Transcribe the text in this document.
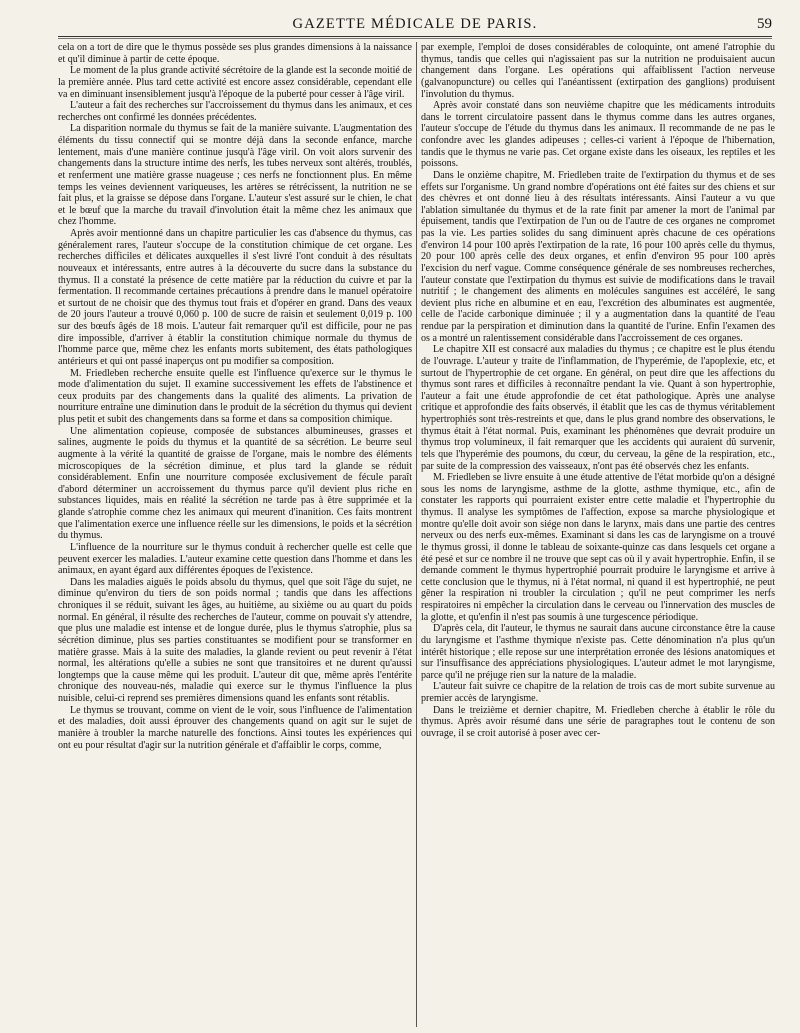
GAZETTE MÉDICALE DE PARIS.	59

cela on a tort de dire que le thymus possède ses plus grandes dimensions à la naissance et qu'il diminue à partir de cette époque.

Le moment de la plus grande activité sécrétoire de la glande est la seconde moitié de la première année. Plus tard cette activité est encore assez considérable, cependant elle va en diminuant insensiblement jusqu'à l'époque de la puberté pour cesser à l'âge viril.

L'auteur a fait des recherches sur l'accroissement du thymus dans les animaux, et ces recherches ont confirmé les données précédentes.

La disparition normale du thymus se fait de la manière suivante. L'augmentation des éléments du tissu connectif qui se montre déjà dans la seconde enfance, marche lentement, mais d'une manière continue jusqu'à l'âge viril. On voit alors survenir des changements dans la structure intime des nerfs, les tubes nerveux sont altérés, troublés, et renferment une matière grasse nuageuse ; ces nerfs ne fonctionnent plus. En même temps les veines deviennent variqueuses, les artères se rétrécissent, la nutrition ne se fait plus, et la graisse se dépose dans l'organe. L'auteur s'est assuré sur le chien, le chat et le bœuf que la marche du travail d'involution était la même chez les animaux que chez l'homme.

Après avoir mentionné dans un chapitre particulier les cas d'absence du thymus, cas généralement rares, l'auteur s'occupe de la constitution chimique de cet organe. Les recherches difficiles et délicates auxquelles il s'est livré l'ont conduit à des résultats nouveaux et intéressants, entre autres à la découverte du sucre dans la substance du thymus. Il a constaté la présence de cette matière par la réduction du cuivre et par la fermentation. Il recommande certaines précautions à prendre dans le manuel opératoire et surtout de ne choisir que des thymus tout frais et d'opérer en grand. Dans des veaux de 20 jours l'auteur a trouvé 0,060 p. 100 de sucre de raisin et seulement 0,019 p. 100 sur des bœufs âgés de 18 mois. L'auteur fait remarquer qu'il est difficile, pour ne pas dire impossible, d'arriver à établir la constitution chimique normale du thymus de l'homme parce que, même chez les enfants morts subitement, des états pathologiques antérieurs et qui ont passé inaperçus ont pu modifier sa composition.

M. Friedleben recherche ensuite quelle est l'influence qu'exerce sur le thymus le mode d'alimentation du sujet. Il examine successivement les effets de l'abstinence et ceux produits par des changements dans la qualité des aliments. La privation de nourriture entraîne une diminution dans le produit de la sécrétion du thymus qui devient plus petit et subit des changements dans sa forme et dans sa composition chimique.

Une alimentation copieuse, composée de substances albumineuses, grasses et salines, augmente le poids du thymus et la quantité de sa sécrétion. Le beurre seul augmente à la vérité la quantité de graisse de l'organe, mais le nombre des éléments microscopiques de la sécrétion diminue, et plus tard la glande se réduit considérablement. Enfin une nourriture composée exclusivement de fécule paraît d'abord déterminer un accroissement du thymus parce qu'il devient plus riche en substances liquides, mais en réalité la sécrétion ne tarde pas à être supprimée et la glande s'atrophie comme chez les animaux qui meurent d'inanition. Ces faits montrent que l'alimentation exerce une influence réelle sur les dimensions, le poids et la sécrétion du thymus.

L'influence de la nourriture sur le thymus conduit à rechercher quelle est celle que peuvent exercer les maladies. L'auteur examine cette question dans l'homme et dans les animaux, en ayant égard aux différentes époques de l'existence.

Dans les maladies aiguës le poids absolu du thymus, quel que soit l'âge du sujet, ne diminue qu'environ du tiers de son poids normal ; tandis que dans les affections chroniques il se réduit, suivant les âges, au huitième, au sixième ou au quart du poids normal. En général, il résulte des recherches de l'auteur, comme on pouvait s'y attendre, que plus une maladie est intense et de longue durée, plus le thymus s'atrophie, plus sa sécrétion diminue, plus ses parties constituantes se modifient pour se transformer en matière grasse. Mais à la suite des maladies, la glande revient ou peut revenir à l'état normal, les altérations qu'elle a subies ne sont que transitoires et ne durent qu'aussi longtemps que la cause même qui les produit. L'auteur dit que, même après l'entérite chronique des nouveau-nés, maladie qui exerce sur le thymus l'influence la plus nuisible, celui-ci reprend ses premières dimensions quand les enfants sont rétablis.

Le thymus se trouvant, comme on vient de le voir, sous l'influence de l'alimentation et des maladies, doit aussi éprouver des changements quand on agit sur le sujet de manière à troubler la marche naturelle des fonctions. Ainsi toutes les expériences qui ont eu pour résultat d'agir sur la nutrition générale et d'affaiblir le corps, comme,

par exemple, l'emploi de doses considérables de coloquinte, ont amené l'atrophie du thymus, tandis que celles qui n'agissaient pas sur la nutrition ne produisaient aucun changement dans l'organe. Les opérations qui affaiblissent l'action nerveuse (galvanopuncture) ou celles qui l'anéantissent (extirpation des ganglions) produisent l'involution du thymus.

Après avoir constaté dans son neuvième chapitre que les médicaments introduits dans le torrent circulatoire passent dans le thymus comme dans les autres organes, l'auteur s'occupe de l'étude du thymus dans les animaux. Il recommande de ne pas le confondre avec les glandes adipeuses ; celles-ci varient à l'époque de l'hibernation, tandis que le thymus ne varie pas. Cet organe existe dans les oiseaux, les reptiles et les poissons.

Dans le onzième chapitre, M. Friedleben traite de l'extirpation du thymus et de ses effets sur l'organisme. Un grand nombre d'opérations ont été faites sur des chiens et sur des chèvres et ont donné lieu à des résultats intéressants. Ainsi l'auteur a vu que l'ablation simultanée du thymus et de la rate finit par amener la mort de l'animal par épuisement, tandis que l'extirpation de l'un ou de l'autre de ces organes ne compromet pas la vie. Les parties solides du sang diminuent après chacune de ces opérations d'environ 14 pour 100 après l'extirpation de la rate, 16 pour 100 après celle du thymus, 20 pour 100 après celle des deux organes, et enfin d'environ 95 pour 100 après l'excision du nerf vague. Comme conséquence générale de ses nombreuses recherches, l'auteur constate que l'extirpation du thymus est suivie de modifications dans le travail nutritif ; le changement des aliments en molécules sanguines est accéléré, le sang devient plus riche en albumine et en eau, l'excrétion des albuminates est augmentée, celle de l'acide carbonique diminuée ; il y a augmentation dans la quantité de l'eau rendue par la perspiration et diminution dans la quantité de l'urine. Enfin l'examen des os a montré un ralentissement considérable dans l'accroissement de ces organes.

Le chapitre XII est consacré aux maladies du thymus ; ce chapitre est le plus étendu de l'ouvrage. L'auteur y traite de l'inflammation, de l'hyperémie, de l'apoplexie, etc, et surtout de l'hypertrophie de cet organe. En général, on peut dire que les affections du thymus sont rares et difficiles à reconnaître pendant la vie. Quant à son hypertrophie, l'auteur a fait une étude approfondie de cet état pathologique. Après une analyse critique et approfondie des faits observés, il établit que les cas de thymus véritablement hypertrophiés sont très-restreints et que, dans le plus grand nombre des observations, le thymus était à l'état normal. Puis, examinant les phénomènes que devrait produire un thymus trop volumineux, il fait remarquer que les accidents qui auraient dû survenir, tels que l'hyperémie des poumons, du cœur, du cerveau, la gêne de la respiration, etc., par suite de la compression des vaisseaux, n'ont pas été observés chez les enfants.

M. Friedleben se livre ensuite à une étude attentive de l'état morbide qu'on a désigné sous les noms de laryngisme, asthme de la glotte, asthme thymique, etc., afin de constater les rapports qui pourraient exister entre cette maladie et l'hypertrophie du thymus. Il analyse les symptômes de l'affection, expose sa marche physiologique et montre qu'elle doit avoir son siége non dans le larynx, mais dans une partie des centres nerveux ou des nerfs eux-mêmes. Examinant si dans les cas de laryngisme on a trouvé le thymus grossi, il donne le tableau de soixante-quinze cas dans lesquels cet organe a été pesé et sur ce nombre il ne trouve que sept cas où il y avait hypertrophie. Enfin, il se demande comment le thymus hypertrophié pourrait produire le laryngisme et arrive à cette conclusion que le thymus, ni à l'état normal, ni quand il est hypertrophié, ne peut gêner la respiration ni troubler la circulation ; qu'il ne peut comprimer les nerfs respiratoires ni empêcher la circulation dans le cerveau ou l'innervation des muscles de la glotte, et qu'enfin il n'est pas soumis à une turgescence périodique.

D'après cela, dit l'auteur, le thymus ne saurait dans aucune circonstance être la cause du laryngisme et l'asthme thymique n'existe pas. Cette dénomination n'a plus qu'un intérêt historique ; elle repose sur une interprétation erronée des lésions anatomiques et sur l'insuffisance des appréciations physiologiques. L'auteur admet le mot laryngisme, parce qu'il ne préjuge rien sur la nature de la maladie.

L'auteur fait suivre ce chapitre de la relation de trois cas de mort subite survenue au premier accès de laryngisme.

Dans le treizième et dernier chapitre, M. Friedleben cherche à établir le rôle du thymus. Après avoir résumé dans une série de paragraphes tout le contenu de son ouvrage, il se croit autorisé à poser avec cer-
